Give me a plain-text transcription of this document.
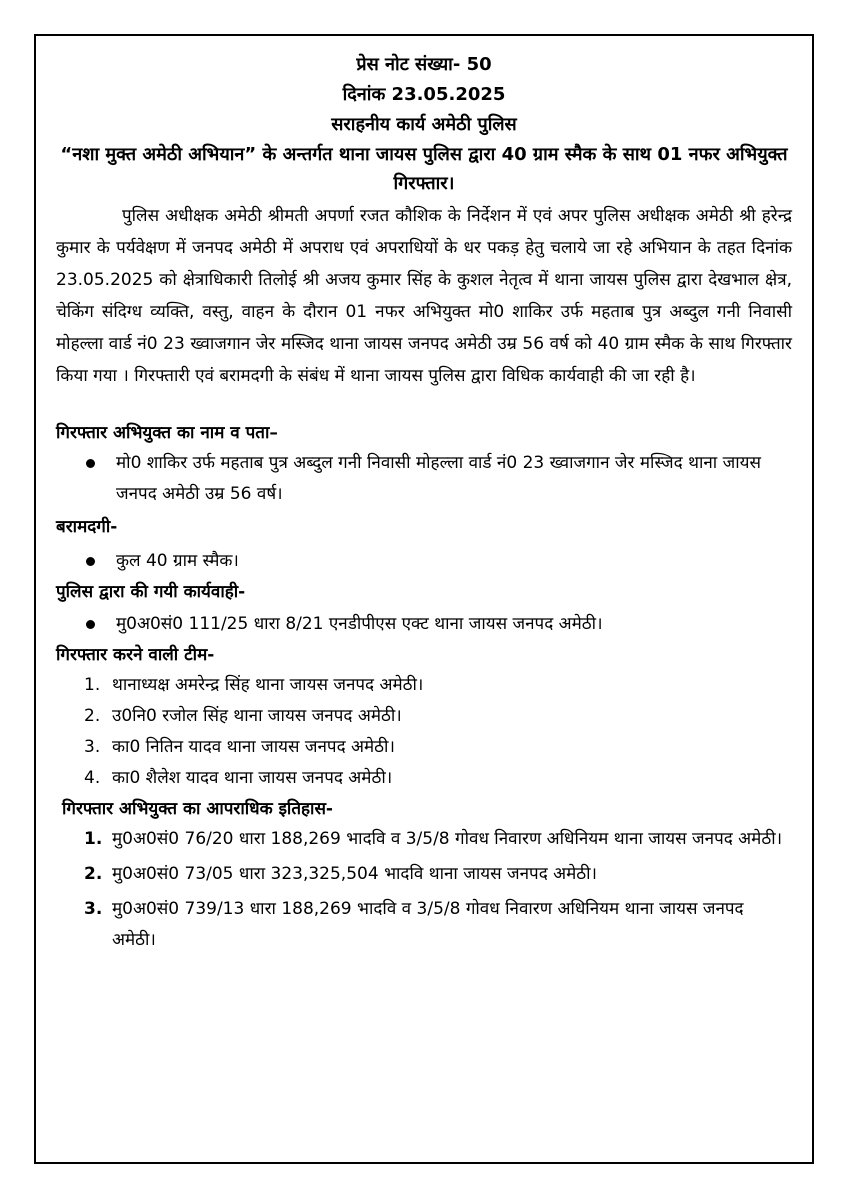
प्रेस नोट संख्या- 50
दिनांक 23.05.2025
सराहनीय कार्य अमेठी पुलिस
“नशा मुक्त अमेठी अभियान” के अन्तर्गत थाना जायस पुलिस द्वारा 40 ग्राम स्मैक के साथ 01 नफर अभियुक्त गिरफ्तार।

पुलिस अधीक्षक अमेठी श्रीमती अपर्णा रजत कौशिक के निर्देशन में एवं अपर पुलिस अधीक्षक अमेठी श्री हरेन्द्र कुमार के पर्यवेक्षण में जनपद अमेठी में अपराध एवं अपराधियों के धर पकड़ हेतु चलाये जा रहे अभियान के तहत दिनांक 23.05.2025 को क्षेत्राधिकारी तिलोई श्री अजय कुमार सिंह के कुशल नेतृत्व में थाना जायस पुलिस द्वारा देखभाल क्षेत्र, चेकिंग संदिग्ध व्यक्ति, वस्तु, वाहन के दौरान 01 नफर अभियुक्त मो0 शाकिर उर्फ महताब पुत्र अब्दुल गनी निवासी मोहल्ला वार्ड नं0 23 ख्वाजगान जेर मस्जिद थाना जायस जनपद अमेठी उम्र 56 वर्ष को 40 ग्राम स्मैक के साथ गिरफ्तार किया गया । गिरफ्तारी एवं बरामदगी के संबंध में थाना जायस पुलिस द्वारा विधिक कार्यवाही की जा रही है।

गिरफ्तार अभियुक्त का नाम व पता–

मो0 शाकिर उर्फ महताब पुत्र अब्दुल गनी निवासी मोहल्ला वार्ड नं0 23 ख्वाजगान जेर मस्जिद थाना जायस जनपद अमेठी उम्र 56 वर्ष।

बरामदगी-

कुल 40 ग्राम स्मैक।

पुलिस द्वारा की गयी कार्यवाही-

मु0अ0सं0 111/25 धारा 8/21 एनडीपीएस एक्ट थाना जायस जनपद अमेठी।

गिरफ्तार करने वाली टीम-

1. थानाध्यक्ष अमरेन्द्र सिंह थाना जायस जनपद अमेठी।
2. उ0नि0 रजोल सिंह थाना जायस जनपद अमेठी।
3. का0 नितिन यादव थाना जायस जनपद अमेठी।
4. का0 शैलेश यादव थाना जायस जनपद अमेठी।

गिरफ्तार अभियुक्त का आपराधिक इतिहास-

1. मु0अ0सं0 76/20 धारा 188,269 भादवि व 3/5/8 गोवध निवारण अधिनियम थाना जायस जनपद अमेठी।
2. मु0अ0सं0 73/05 धारा 323,325,504 भादवि थाना जायस जनपद अमेठी।
3. मु0अ0सं0 739/13 धारा 188,269 भादवि व 3/5/8 गोवध निवारण अधिनियम थाना जायस जनपद अमेठी।
